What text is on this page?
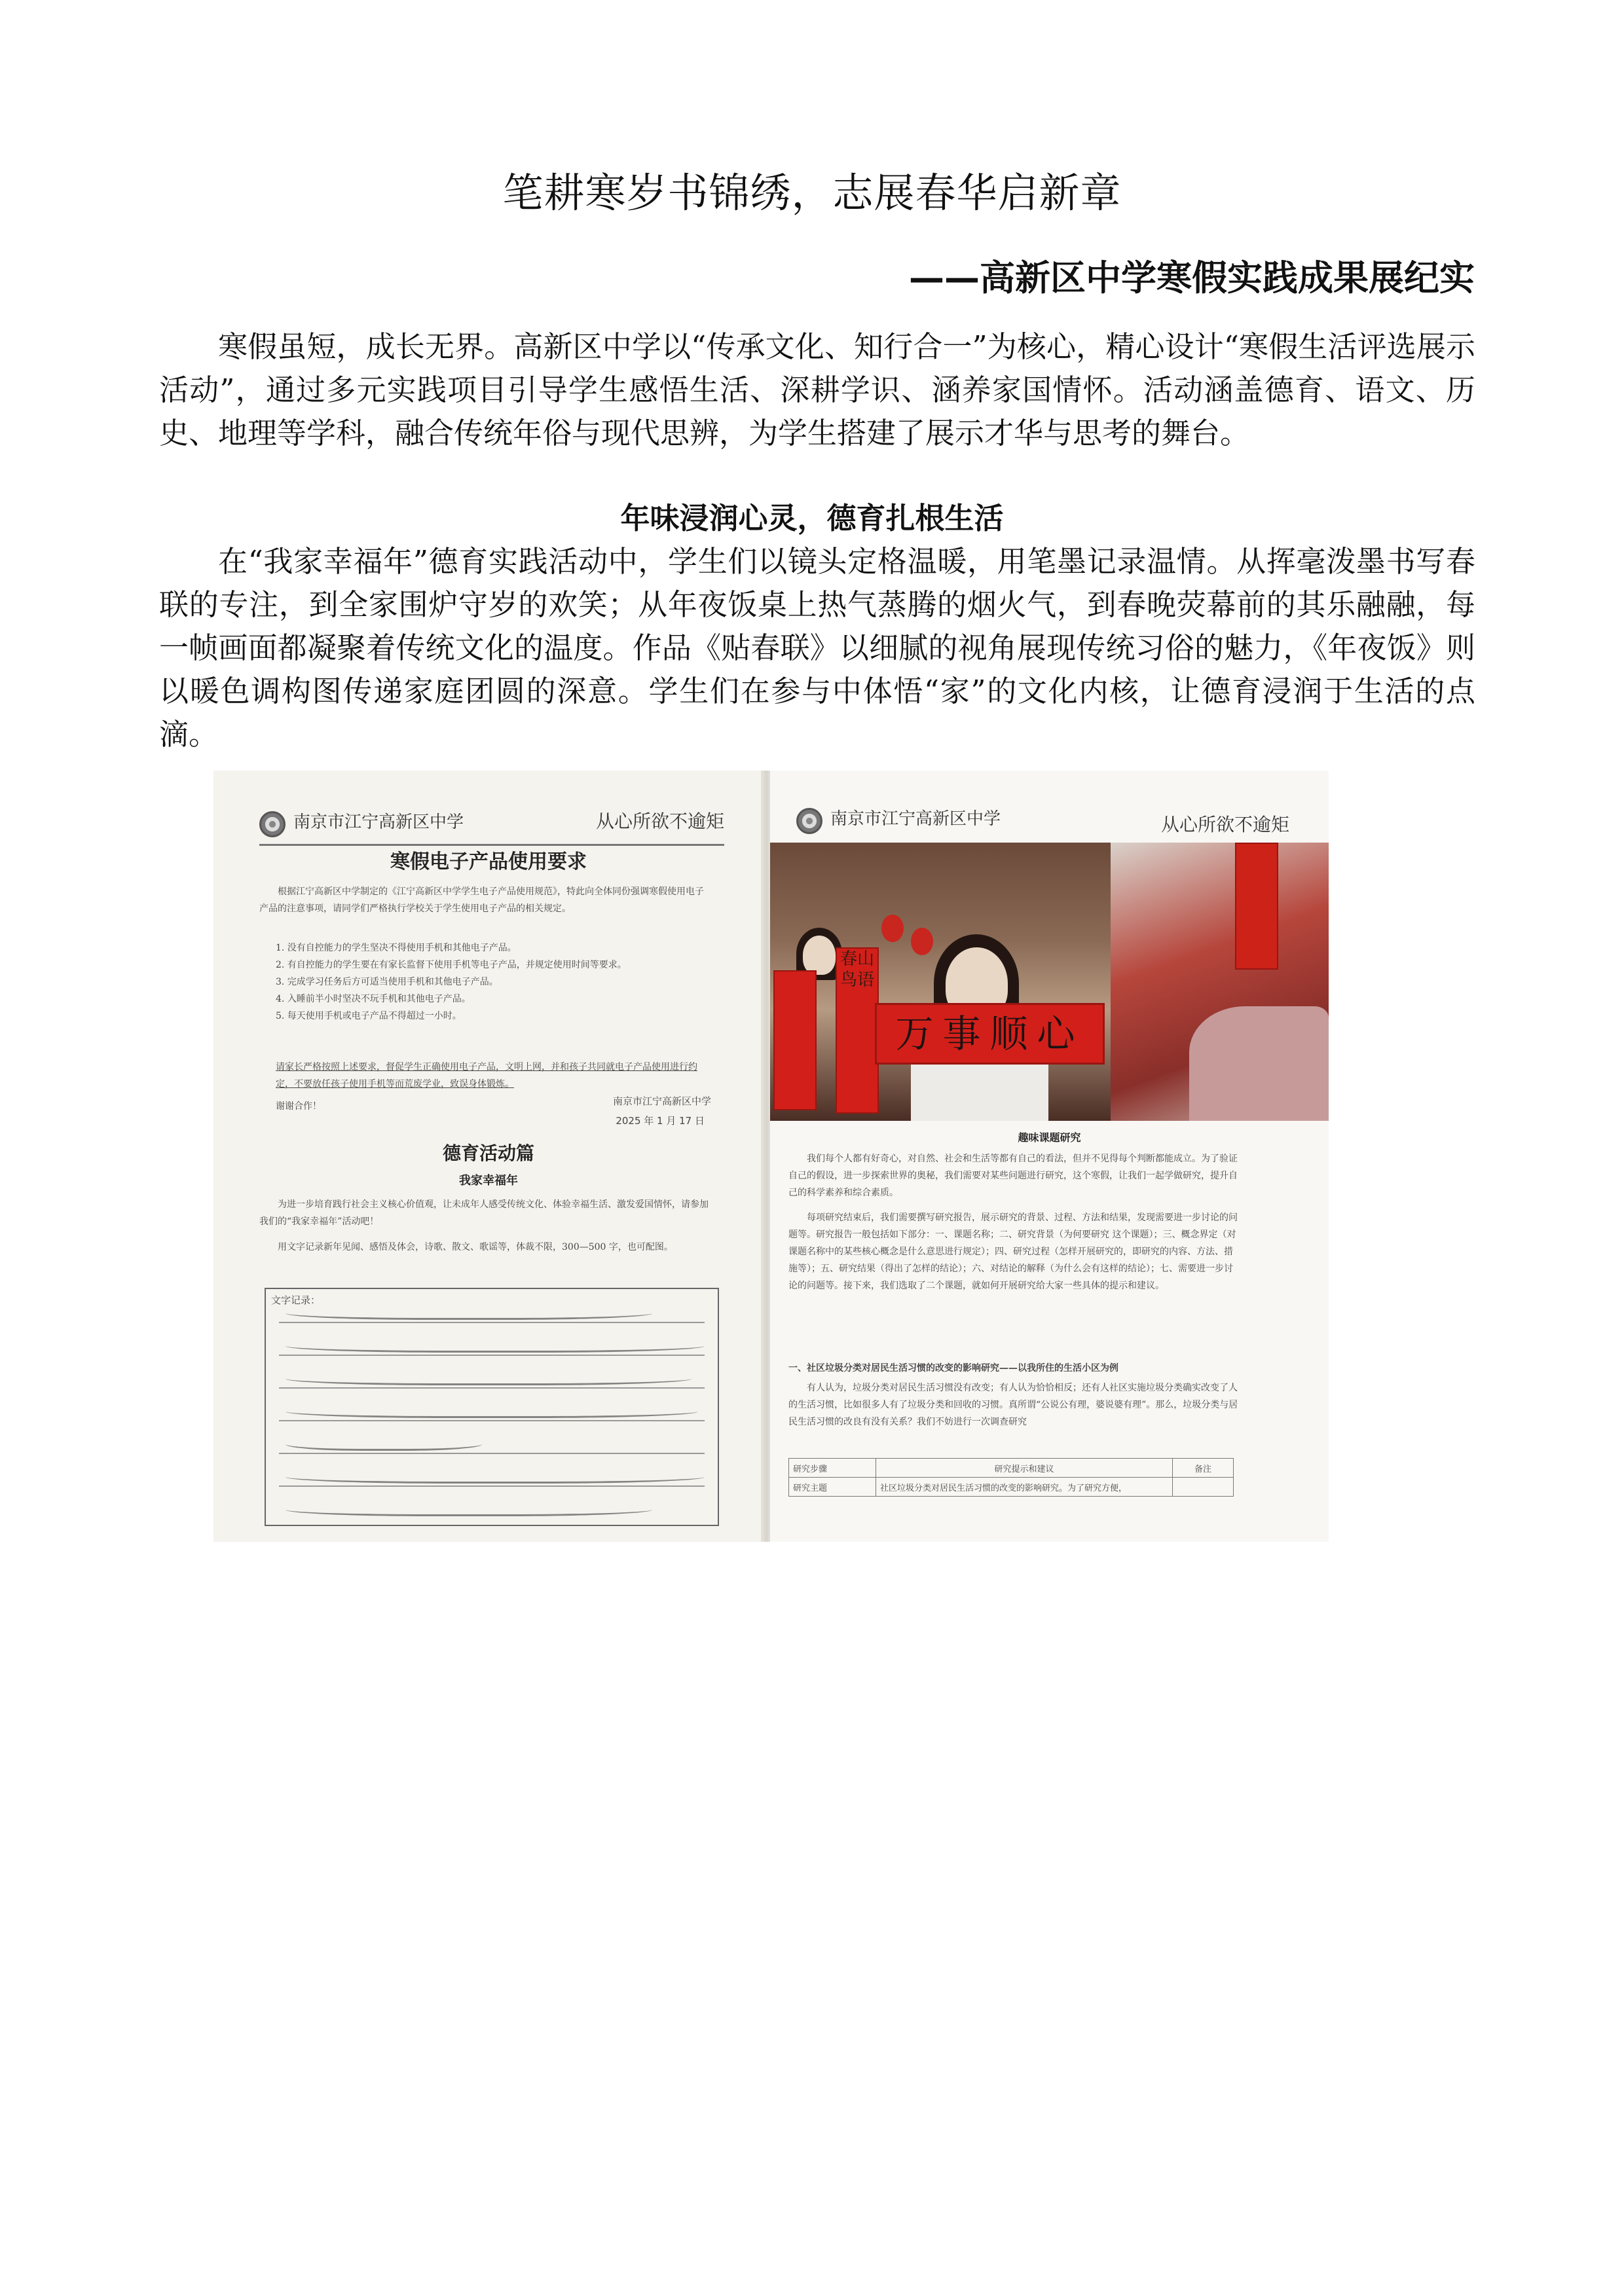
笔耕寒岁书锦绣，志展春华启新章
——高新区中学寒假实践成果展纪实
寒假虽短，成长无界。高新区中学以“传承文化、知行合一”为核心，精心设计“寒假生活评选展示活动”，通过多元实践项目引导学生感悟生活、深耕学识、涵养家国情怀。活动涵盖德育、语文、历史、地理等学科，融合传统年俗与现代思辨，为学生搭建了展示才华与思考的舞台。
年味浸润心灵，德育扎根生活
在“我家幸福年”德育实践活动中，学生们以镜头定格温暖，用笔墨记录温情。从挥毫泼墨书写春联的专注，到全家围炉守岁的欢笑；从年夜饭桌上热气蒸腾的烟火气，到春晚荧幕前的其乐融融，每一帧画面都凝聚着传统文化的温度。作品《贴春联》以细腻的视角展现传统习俗的魅力，《年夜饭》则以暖色调构图传递家庭团圆的深意。学生们在参与中体悟“家”的文化内核，让德育浸润于生活的点滴。
南京市江宁高新区中学	从心所欲不逾矩
寒假电子产品使用要求
根据江宁高新区中学制定的《江宁高新区中学学生电子产品使用规范》，特此向全体同份强调寒假使用电子产品的注意事项，请同学们严格执行学校关于学生使用电子产品的相关规定。
1. 没有自控能力的学生坚决不得使用手机和其他电子产品。
2. 有自控能力的学生要在有家长监督下使用手机等电子产品，并规定使用时间等要求。
3. 完成学习任务后方可适当使用手机和其他电子产品。
4. 入睡前半小时坚决不玩手机和其他电子产品。
5. 每天使用手机或电子产品不得超过一小时。
请家长严格按照上述要求，督促学生正确使用电子产品，文明上网，并和孩子共同就电子产品使用进行约定，不要放任孩子使用手机等而荒废学业，致误身体锻炼。
谢谢合作！	南京市江宁高新区中学
2025 年 1 月 17 日
德育活动篇
我家幸福年
为进一步培育践行社会主义核心价值观，让未成年人感受传统文化、体验幸福生活、激发爱国情怀，请参加我们的“我家幸福年”活动吧！
用文字记录新年见闻、感悟及体会，诗歌、散文、歌谣等，体裁不限，300—500 字，也可配图。
文字记录：
南京市江宁高新区中学	从心所欲不逾矩
春山鸟语
万事顺心
趣味课题研究
我们每个人都有好奇心，对自然、社会和生活等都有自己的看法，但并不见得每个判断都能成立。为了验证自己的假设，进一步探索世界的奥秘，我们需要对某些问题进行研究，这个寒假，让我们一起学做研究，提升自己的科学素养和综合素质。
每项研究结束后，我们需要撰写研究报告，展示研究的背景、过程、方法和结果，发现需要进一步讨论的问题等。研究报告一般包括如下部分：一、课题名称；二、研究背景（为何要研究 这个课题）；三、概念界定（对课题名称中的某些核心概念是什么意思进行规定）；四、研究过程（怎样开展研究的，即研究的内容、方法、措施等）；五、研究结果（得出了怎样的结论）；六、对结论的解释（为什么会有这样的结论）；七、需要进一步讨论的问题等。接下来，我们选取了二个课题，就如何开展研究给大家一些具体的提示和建议。
一、社区垃圾分类对居民生活习惯的改变的影响研究——以我所住的生活小区为例
有人认为，垃圾分类对居民生活习惯没有改变；有人认为恰恰相反；还有人社区实施垃圾分类确实改变了人的生活习惯，比如很多人有了垃圾分类和回收的习惯。真所谓“公说公有理，婆说婆有理”。那么，垃圾分类与居民生活习惯的改良有没有关系？我们不妨进行一次调查研究
研究步骤	研究提示和建议	备注
研究主题	社区垃圾分类对居民生活习惯的改变的影响研究。为了研究方便，	
